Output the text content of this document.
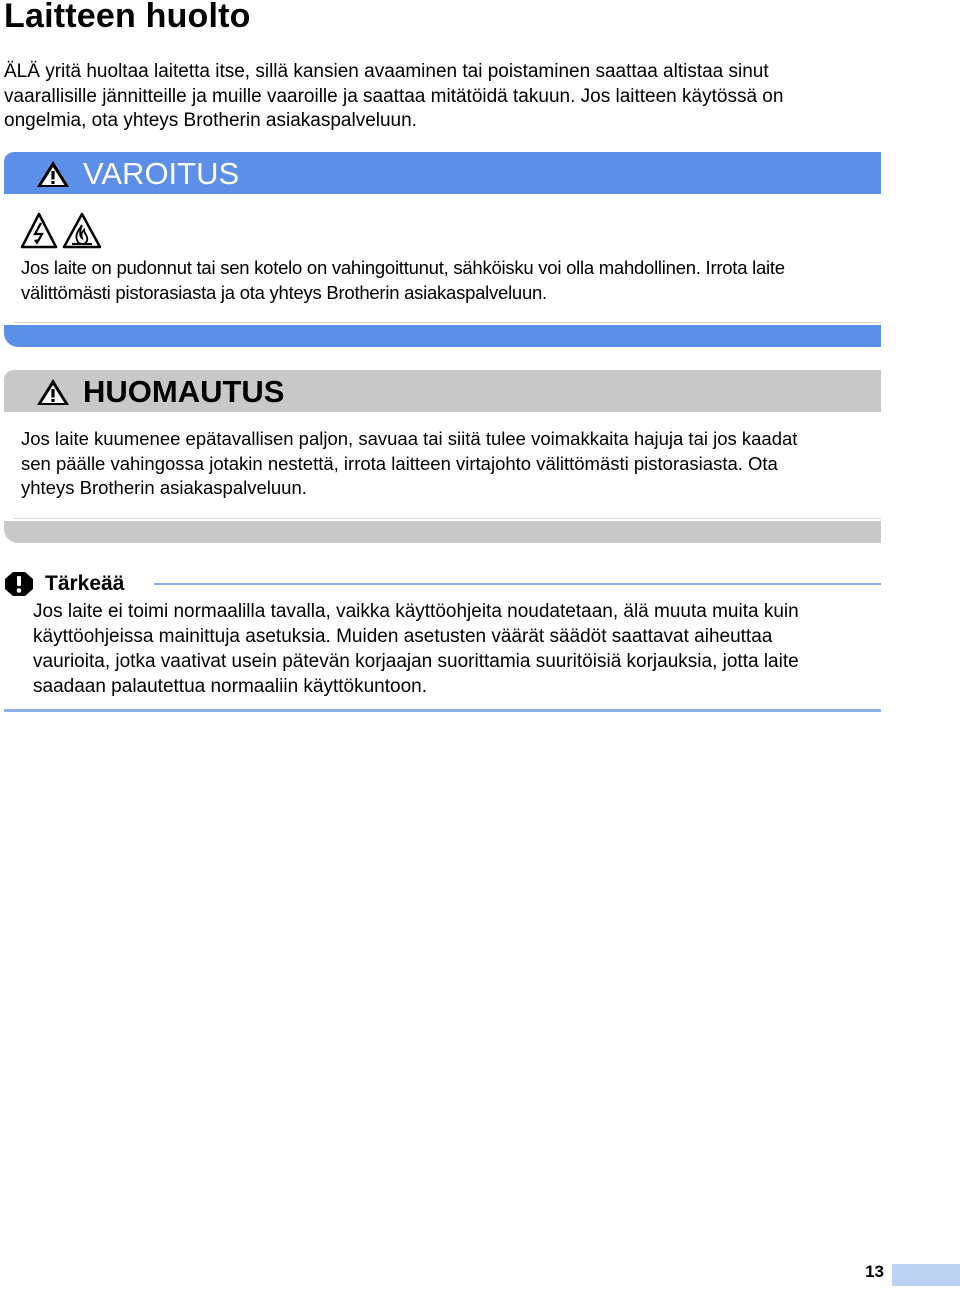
Laitteen huolto

ÄLÄ yritä huoltaa laitetta itse, sillä kansien avaaminen tai poistaminen saattaa altistaa sinut
vaarallisille jännitteille ja muille vaaroille ja saattaa mitätöidä takuun. Jos laitteen käytössä on
ongelmia, ota yhteys Brotherin asiakaspalveluun.

VAROITUS

Jos laite on pudonnut tai sen kotelo on vahingoittunut, sähköisku voi olla mahdollinen. Irrota laite
välittömästi pistorasiasta ja ota yhteys Brotherin asiakaspalveluun.

HUOMAUTUS

Jos laite kuumenee epätavallisen paljon, savuaa tai siitä tulee voimakkaita hajuja tai jos kaadat
sen päälle vahingossa jotakin nestettä, irrota laitteen virtajohto välittömästi pistorasiasta. Ota
yhteys Brotherin asiakaspalveluun.

Tärkeää

Jos laite ei toimi normaalilla tavalla, vaikka käyttöohjeita noudatetaan, älä muuta muita kuin
käyttöohjeissa mainittuja asetuksia. Muiden asetusten väärät säädöt saattavat aiheuttaa
vaurioita, jotka vaativat usein pätevän korjaajan suorittamia suuritöisiä korjauksia, jotta laite
saadaan palautettua normaaliin käyttökuntoon.

13
